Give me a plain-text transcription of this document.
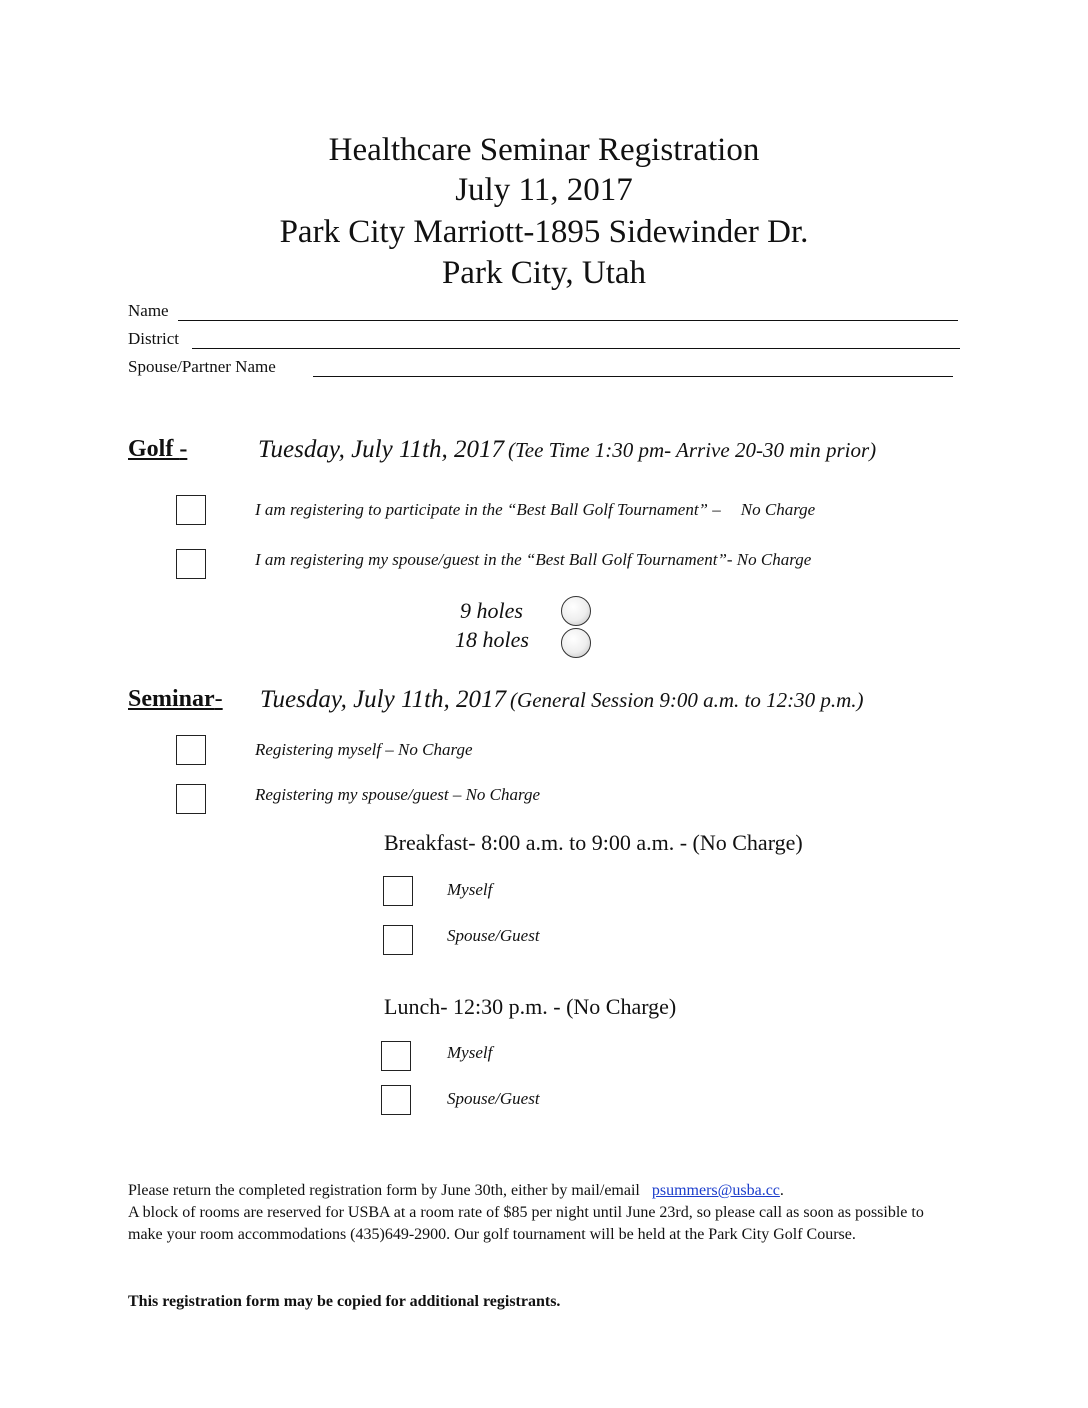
Healthcare Seminar Registration
July 11, 2017
Park City Marriott-1895 Sidewinder Dr.
Park City, Utah
Name
District
Spouse/Partner Name
Golf -	Tuesday, July 11th, 2017 (Tee Time 1:30 pm- Arrive 20-30 min prior)
I am registering to participate in the “Best Ball Golf Tournament” – No Charge
I am registering my spouse/guest in the “Best Ball Golf Tournament”- No Charge
9 holes
18 holes
Seminar- Tuesday, July 11th, 2017 (General Session 9:00 a.m. to 12:30 p.m.)
Registering myself – No Charge
Registering my spouse/guest – No Charge
Breakfast- 8:00 a.m. to 9:00 a.m. - (No Charge)
Myself
Spouse/Guest
Lunch- 12:30 p.m. - (No Charge)
Myself
Spouse/Guest
Please return the completed registration form by June 30th, either by mail/email psummers@usba.cc.
A block of rooms are reserved for USBA at a room rate of $85 per night until June 23rd, so please call as soon as possible to make your room accommodations (435)649-2900. Our golf tournament will be held at the Park City Golf Course.
This registration form may be copied for additional registrants.
